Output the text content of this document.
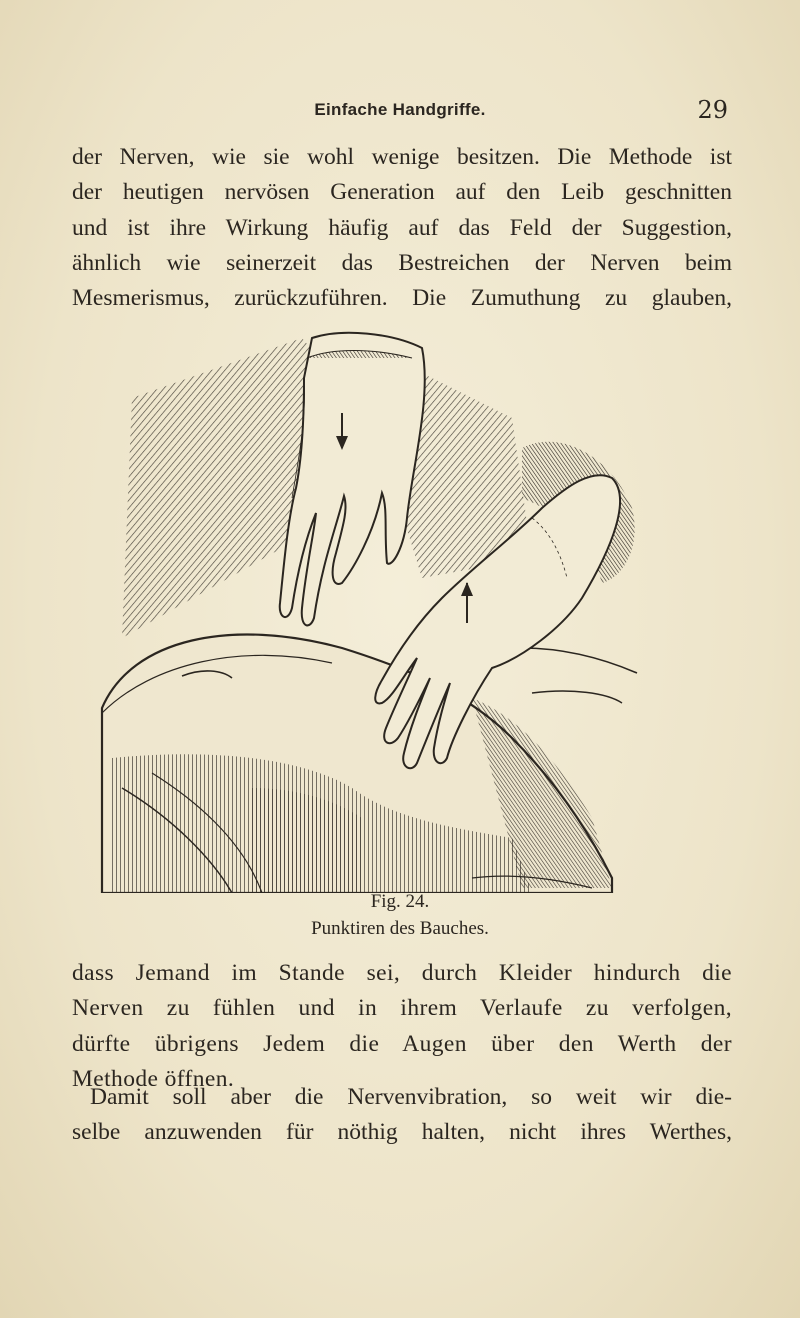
Einfache Handgriffe.	29
der Nerven, wie sie wohl wenige besitzen. Die Methode ist
der heutigen nervösen Generation auf den Leib geschnitten
und ist ihre Wirkung häufig auf das Feld der Suggestion,
ähnlich wie seinerzeit das Bestreichen der Nerven beim
Mesmerismus, zurückzuführen. Die Zumuthung zu glauben,
Fig. 24.
Punktiren des Bauches.
dass Jemand im Stande sei, durch Kleider hindurch die
Nerven zu fühlen und in ihrem Verlaufe zu verfolgen,
dürfte übrigens Jedem die Augen über den Werth der
Methode öffnen.
Damit soll aber die Nervenvibration, so weit wir die-
selbe anzuwenden für nöthig halten, nicht ihres Werthes,
